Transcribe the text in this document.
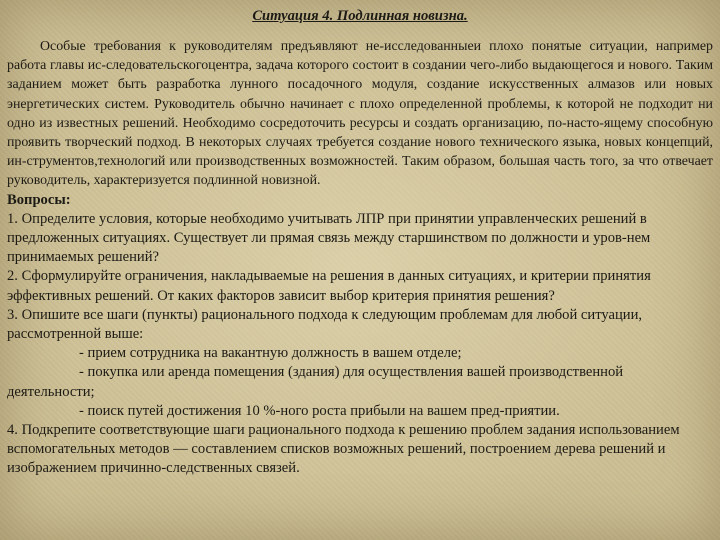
Ситуация 4. Подлинная новизна.

Особые требования к руководителям предъявляют не-исследованныеи плохо понятые ситуации, например работа главы ис-следовательскогоцентра, задача которого состоит в создании чего-либо выдающегося и нового. Таким заданием может быть разработка лунного посадочного модуля, создание искусственных алмазов или новых энергетических систем. Руководитель обычно начинает с плохо определенной проблемы, к которой не подходит ни одно из известных решений. Необходимо сосредоточить ресурсы и создать организацию, по-насто-ящему способную проявить творческий подход. В некоторых случаях требуется создание нового технического языка, новых концепций, ин-струментов,технологий или производственных возможностей. Таким образом, большая часть того, за что отвечает руководитель, характеризуется подлинной новизной.

Вопросы:

1. Определите условия, которые необходимо учитывать ЛПР при принятии управленческих решений в предложенных ситуациях. Существует ли прямая связь между старшинством по должности и уров-нем принимаемых решений?

2. Сформулируйте ограничения, накладываемые на решения в данных ситуациях, и критерии принятия эффективных решений. От каких факторов зависит выбор критерия принятия решения?

3. Опишите все шаги (пункты) рационального подхода к следующим проблемам для любой ситуации, рассмотренной выше:

- прием сотрудника на вакантную должность в вашем отделе;

- покупка или аренда помещения (здания) для осуществления вашей производственной деятельности;

- поиск путей достижения 10 %-ного роста прибыли на вашем пред-приятии.

4. Подкрепите соответствующие шаги рационального подхода к решению проблем задания использованием вспомогательных методов — составлением списков возможных решений, построением дерева решений и изображением причинно-следственных связей.
